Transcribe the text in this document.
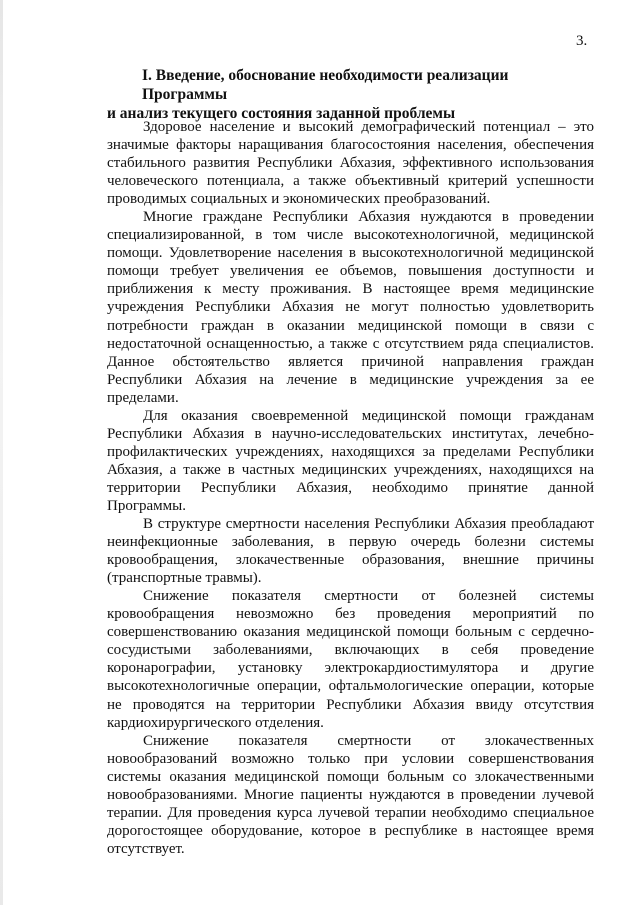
3.
I. Введение, обоснование необходимости реализации Программы
и анализ текущего состояния заданной проблемы

Здоровое население и высокий демографический потенциал – это значимые факторы наращивания благосостояния населения, обеспечения стабильного развития Республики Абхазия, эффективного использования человеческого потенциала, а также объективный критерий успешности проводимых социальных и экономических преобразований.

Многие граждане Республики Абхазия нуждаются в проведении специализированной, в том числе высокотехнологичной, медицинской помощи. Удовлетворение населения в высокотехнологичной медицинской помощи требует увеличения ее объемов, повышения доступности и приближения к месту проживания. В настоящее время медицинские учреждения Республики Абхазия не могут полностью удовлетворить потребности граждан в оказании медицинской помощи в связи с недостаточной оснащенностью, а также с отсутствием ряда специалистов. Данное обстоятельство является причиной направления граждан Республики Абхазия на лечение в медицинские учреждения за ее пределами.

Для оказания своевременной медицинской помощи гражданам Республики Абхазия в научно-исследовательских институтах, лечебно-профилактических учреждениях, находящихся за пределами Республики Абхазия, а также в частных медицинских учреждениях, находящихся на территории Республики Абхазия, необходимо принятие данной Программы.

В структуре смертности населения Республики Абхазия преобладают неинфекционные заболевания, в первую очередь болезни системы кровообращения, злокачественные образования, внешние причины (транспортные травмы).

Снижение показателя смертности от болезней системы кровообращения невозможно без проведения мероприятий по совершенствованию оказания медицинской помощи больным с сердечно-сосудистыми заболеваниями, включающих в себя проведение коронарографии, установку электрокардиостимулятора и другие высокотехнологичные операции, офтальмологические операции, которые не проводятся на территории Республики Абхазия ввиду отсутствия кардиохирургического отделения.

Снижение показателя смертности от злокачественных новообразований возможно только при условии совершенствования системы оказания медицинской помощи больным со злокачественными новообразованиями. Многие пациенты нуждаются в проведении лучевой терапии. Для проведения курса лучевой терапии необходимо специальное дорогостоящее оборудование, которое в республике в настоящее время отсутствует.
